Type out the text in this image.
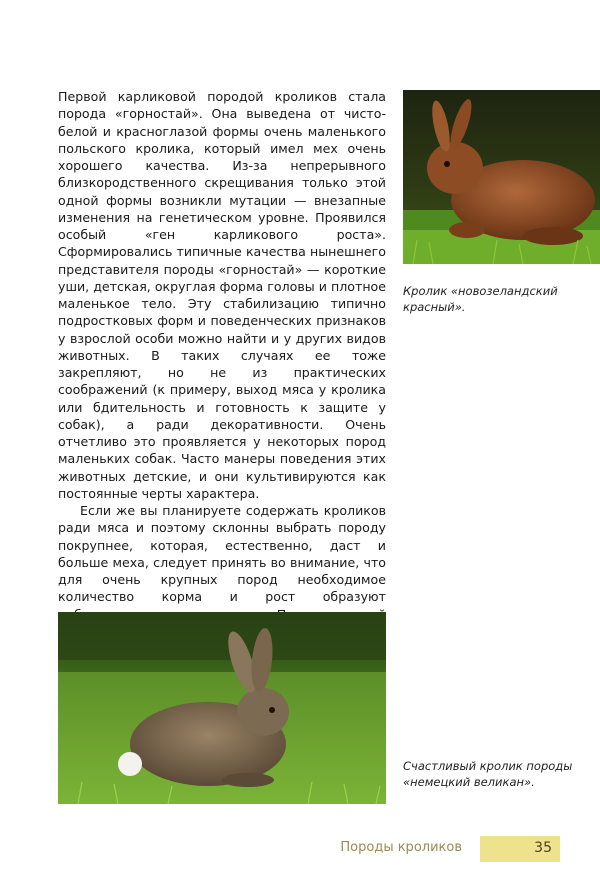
Первой карликовой породой кроликов стала порода «горностай». Она выведена от чисто-белой и красноглазой формы очень маленького польского кролика, который имел мех очень хорошего качества. Из-за непрерывного близкородственного скрещивания только этой одной формы возникли мутации — внезапные изменения на генетическом уровне. Проявился особый «ген карликового роста». Сформировались типичные качества нынешнего представителя породы «горностай» — короткие уши, детская, округлая форма головы и плотное маленькое тело. Эту стабилизацию типично подростковых форм и поведенческих признаков у взрослой особи можно найти и у других видов животных. В таких случаях ее тоже закрепляют, но не из практических соображений (к примеру, выход мяса у кролика или бдительность и готовность к защите у собак), а ради декоративности. Очень отчетливо это проявляется у некоторых пород маленьких собак. Часто манеры поведения этих животных детские, и они культивируются как постоянные черты характера.

Если же вы планируете содержать кроликов ради мяса и поэтому склонны выбрать породу покрупнее, которая, естественно, даст и больше меха, следует принять во внимание, что для очень крупных пород необходимое количество корма и рост образуют

Кролик «новозеландский красный».
Счастливый кролик породы «немецкий великан».
Породы кроликов	35
